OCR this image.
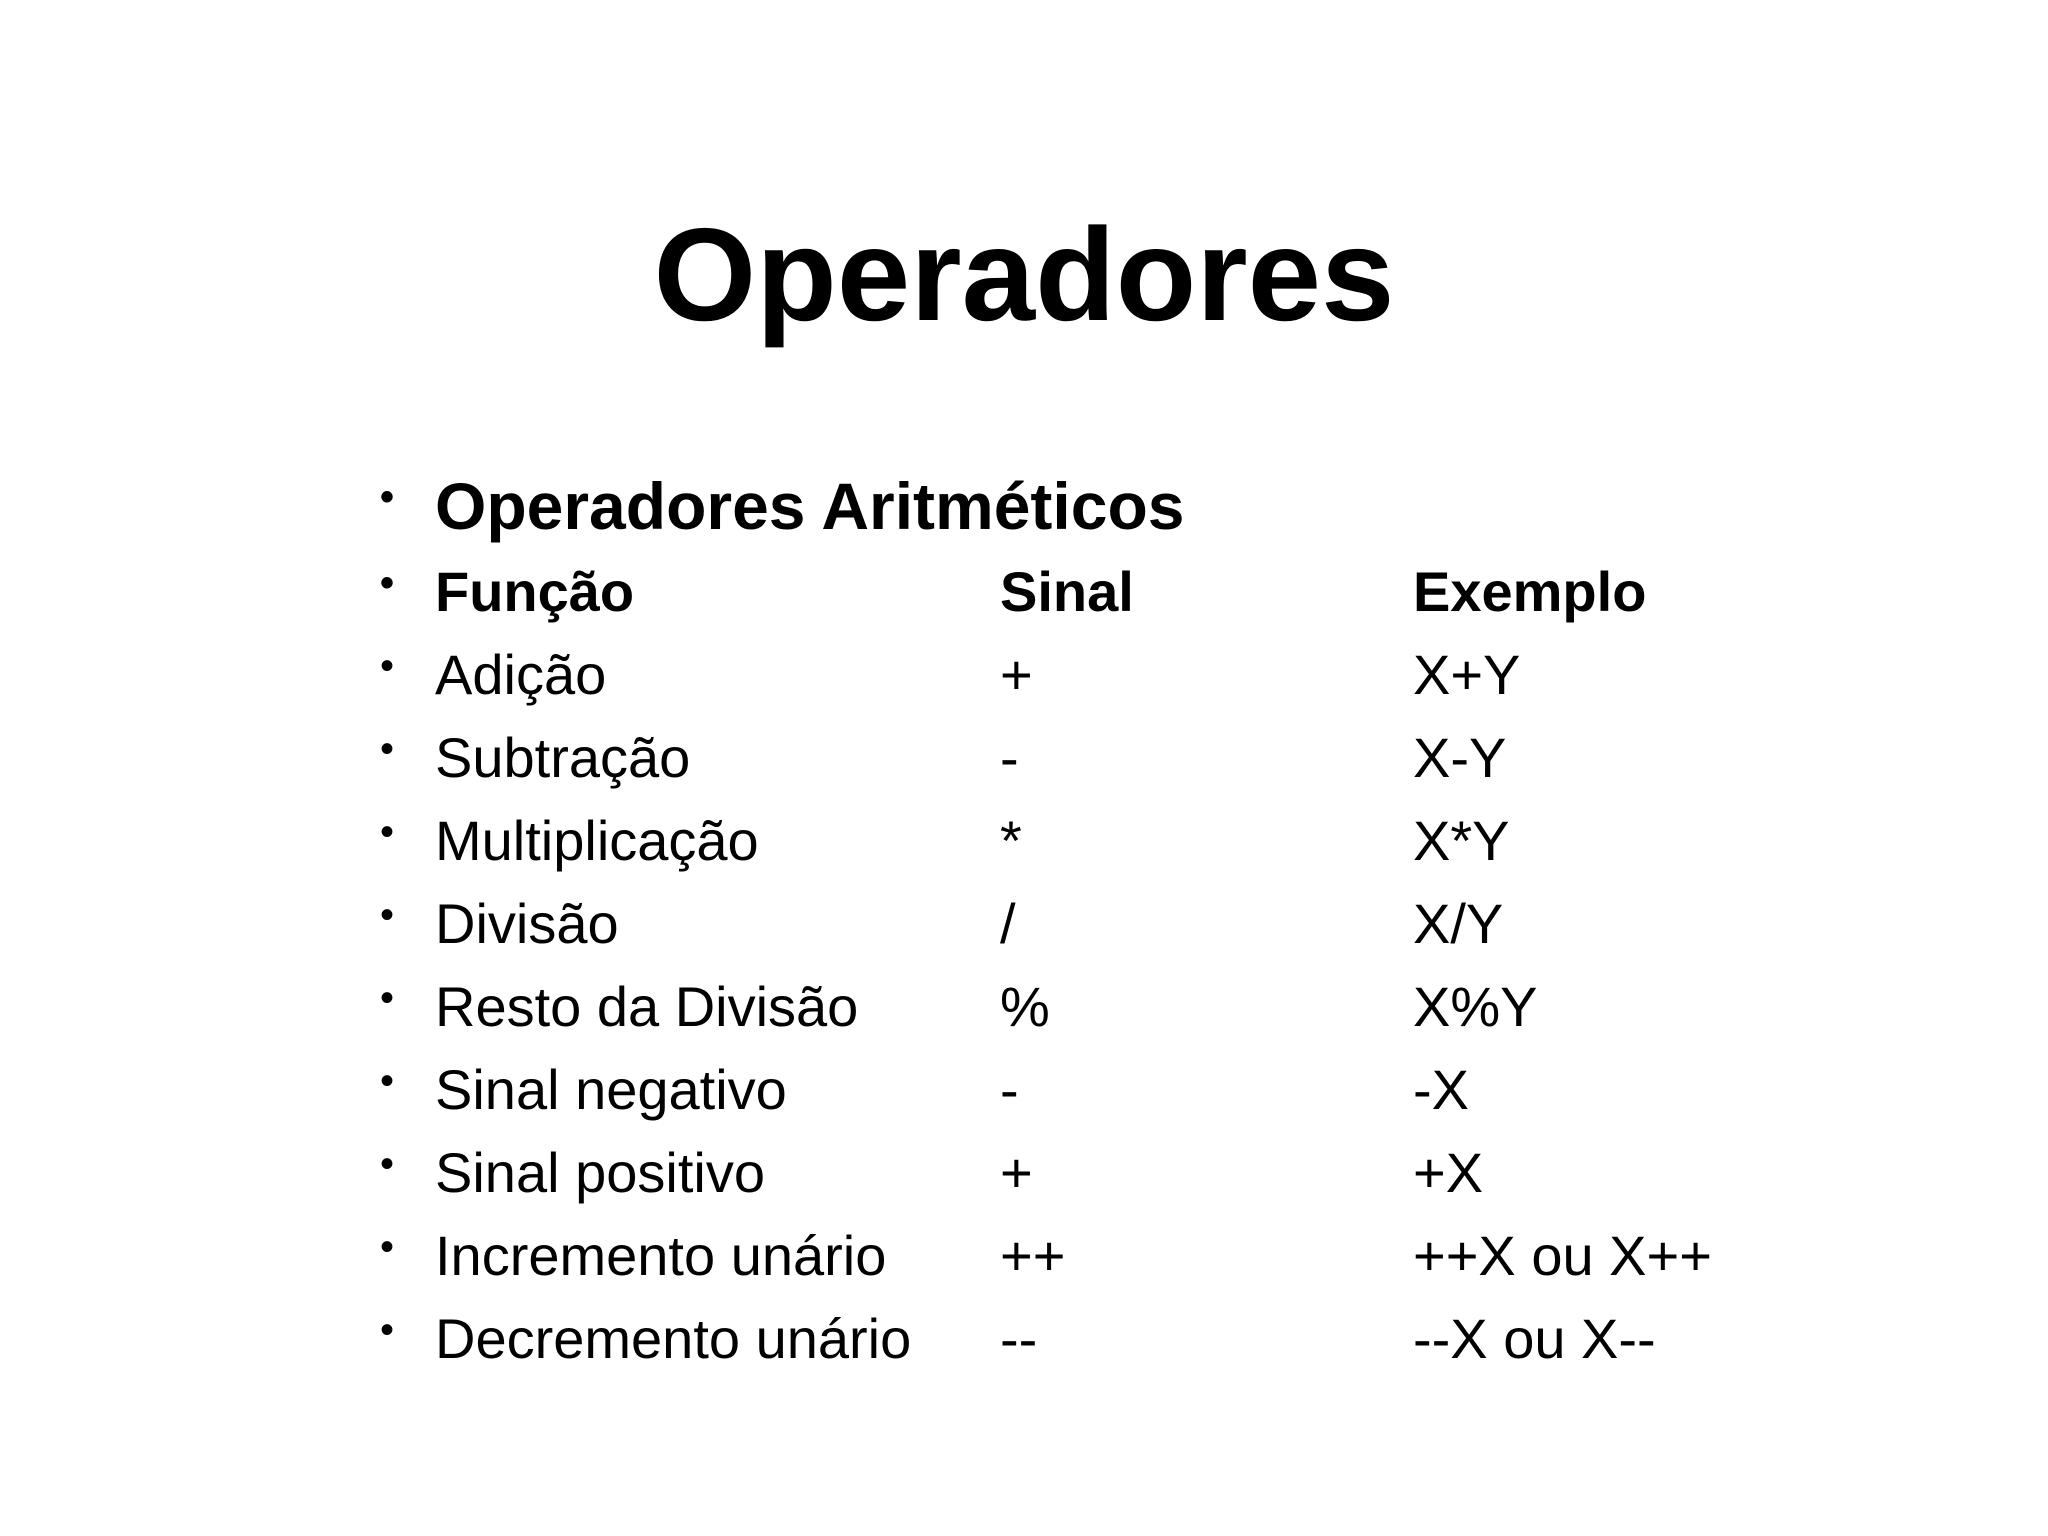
Operadores
• Operadores Aritméticos
• Função	Sinal	Exemplo
• Adição	+	X+Y
• Subtração	-	X-Y
• Multiplicação	*	X*Y
• Divisão	/	X/Y
• Resto da Divisão	%	X%Y
• Sinal negativo	-	-X
• Sinal positivo	+	+X
• Incremento unário ++	++X ou X++
• Decremento unário --	--X ou X--
